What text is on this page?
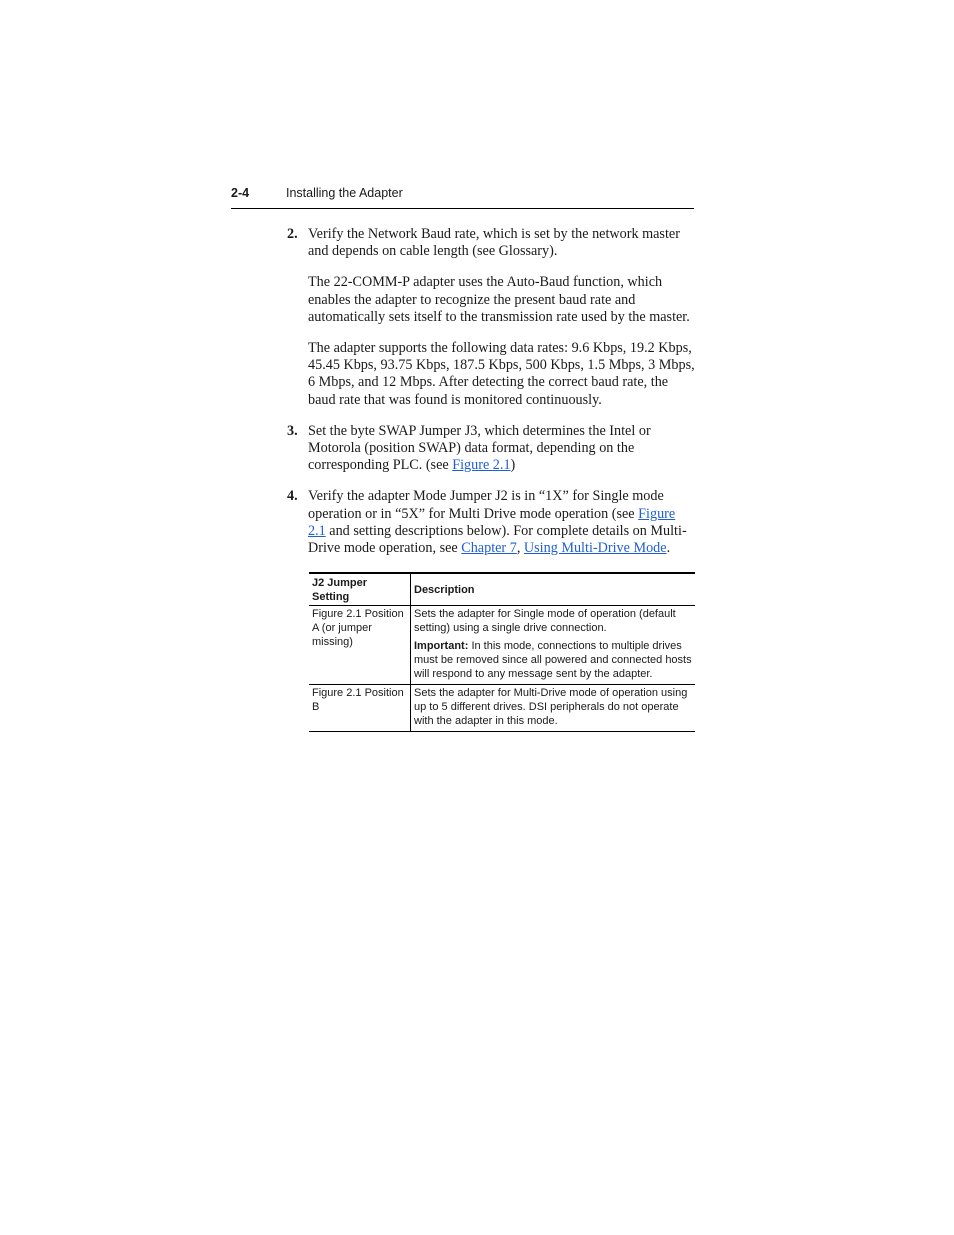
2-4	Installing the Adapter
2. Verify the Network Baud rate, which is set by the network master and depends on cable length (see Glossary).

The 22-COMM-P adapter uses the Auto-Baud function, which enables the adapter to recognize the present baud rate and automatically sets itself to the transmission rate used by the master.

The adapter supports the following data rates: 9.6 Kbps, 19.2 Kbps, 45.45 Kbps, 93.75 Kbps, 187.5 Kbps, 500 Kbps, 1.5 Mbps, 3 Mbps, 6 Mbps, and 12 Mbps. After detecting the correct baud rate, the baud rate that was found is monitored continuously.

3. Set the byte SWAP Jumper J3, which determines the Intel or Motorola (position SWAP) data format, depending on the corresponding PLC. (see Figure 2.1)

4. Verify the adapter Mode Jumper J2 is in “1X” for Single mode operation or in “5X” for Multi Drive mode operation (see Figure 2.1 and setting descriptions below). For complete details on Multi-Drive mode operation, see Chapter 7, Using Multi-Drive Mode.

J2 Jumper Setting	Description
Figure 2.1 Position A (or jumper missing)	Sets the adapter for Single mode of operation (default setting) using a single drive connection.

Important: In this mode, connections to multiple drives must be removed since all powered and connected hosts will respond to any message sent by the adapter.

Figure 2.1 Position B	Sets the adapter for Multi-Drive mode of operation using up to 5 different drives. DSI peripherals do not operate with the adapter in this mode.
